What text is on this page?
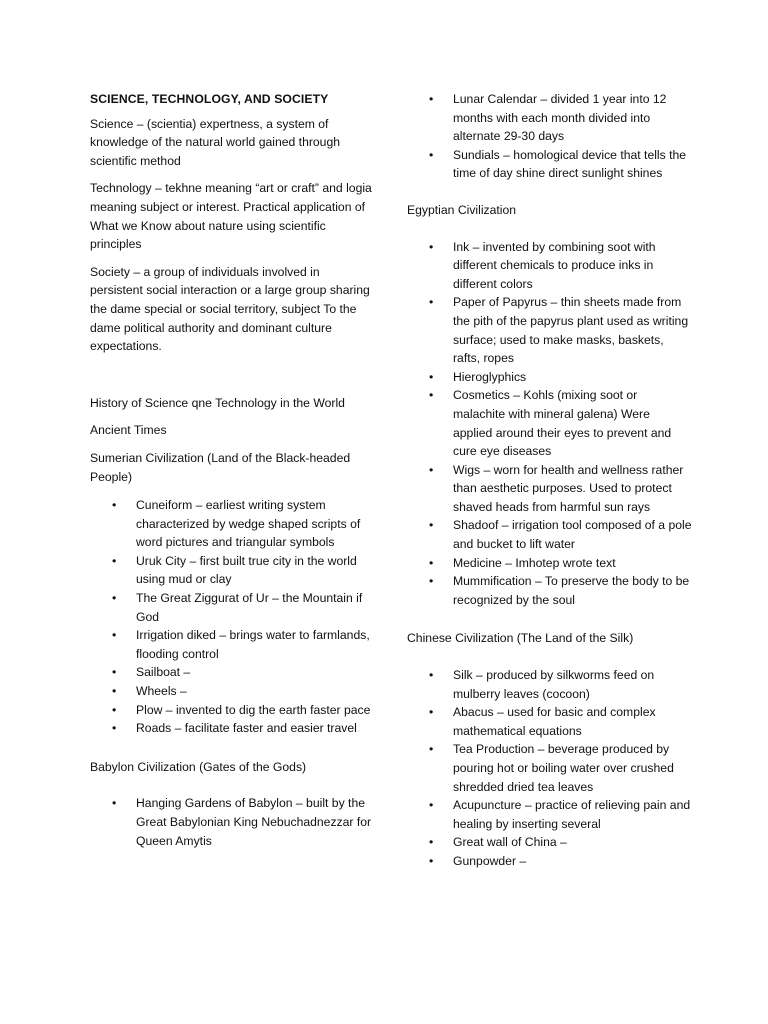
SCIENCE, TECHNOLOGY, AND SOCIETY

Science – (scientia) expertness, a system of knowledge of the natural world gained through scientific method

Technology – tekhne meaning “art or craft” and logia meaning subject or interest. Practical application of What we Know about nature using scientific principles

Society – a group of individuals involved in persistent social interaction or a large group sharing the dame special or social territory, subject To the dame political authority and dominant culture expectations.

History of Science qne Technology in the World

Ancient Times

Sumerian Civilization (Land of the Black-headed People)

• Cuneiform – earliest writing system characterized by wedge shaped scripts of word pictures and triangular symbols
• Uruk City – first built true city in the world using mud or clay
• The Great Ziggurat of Ur – the Mountain if God
• Irrigation diked – brings water to farmlands, flooding control
• Sailboat –
• Wheels –
• Plow – invented to dig the earth faster pace
• Roads – facilitate faster and easier travel

Babylon Civilization (Gates of the Gods)

• Hanging Gardens of Babylon – built by the Great Babylonian King Nebuchadnezzar for Queen Amytis
• Lunar Calendar – divided 1 year into 12 months with each month divided into alternate 29-30 days
• Sundials – homological device that tells the time of day shine direct sunlight shines

Egyptian Civilization

• Ink – invented by combining soot with different chemicals to produce inks in different colors
• Paper of Papyrus – thin sheets made from the pith of the papyrus plant used as writing surface; used to make masks, baskets, rafts, ropes
• Hieroglyphics
• Cosmetics – Kohls (mixing soot or malachite with mineral galena) Were applied around their eyes to prevent and cure eye diseases
• Wigs – worn for health and wellness rather than aesthetic purposes. Used to protect shaved heads from harmful sun rays
• Shadoof – irrigation tool composed of a pole and bucket to lift water
• Medicine – Imhotep wrote text
• Mummification – To preserve the body to be recognized by the soul

Chinese Civilization (The Land of the Silk)

• Silk – produced by silkworms feed on mulberry leaves (cocoon)
• Abacus – used for basic and complex mathematical equations
• Tea Production – beverage produced by pouring hot or boiling water over crushed shredded dried tea leaves
• Acupuncture – practice of relieving pain and healing by inserting several
• Great wall of China –
• Gunpowder –
